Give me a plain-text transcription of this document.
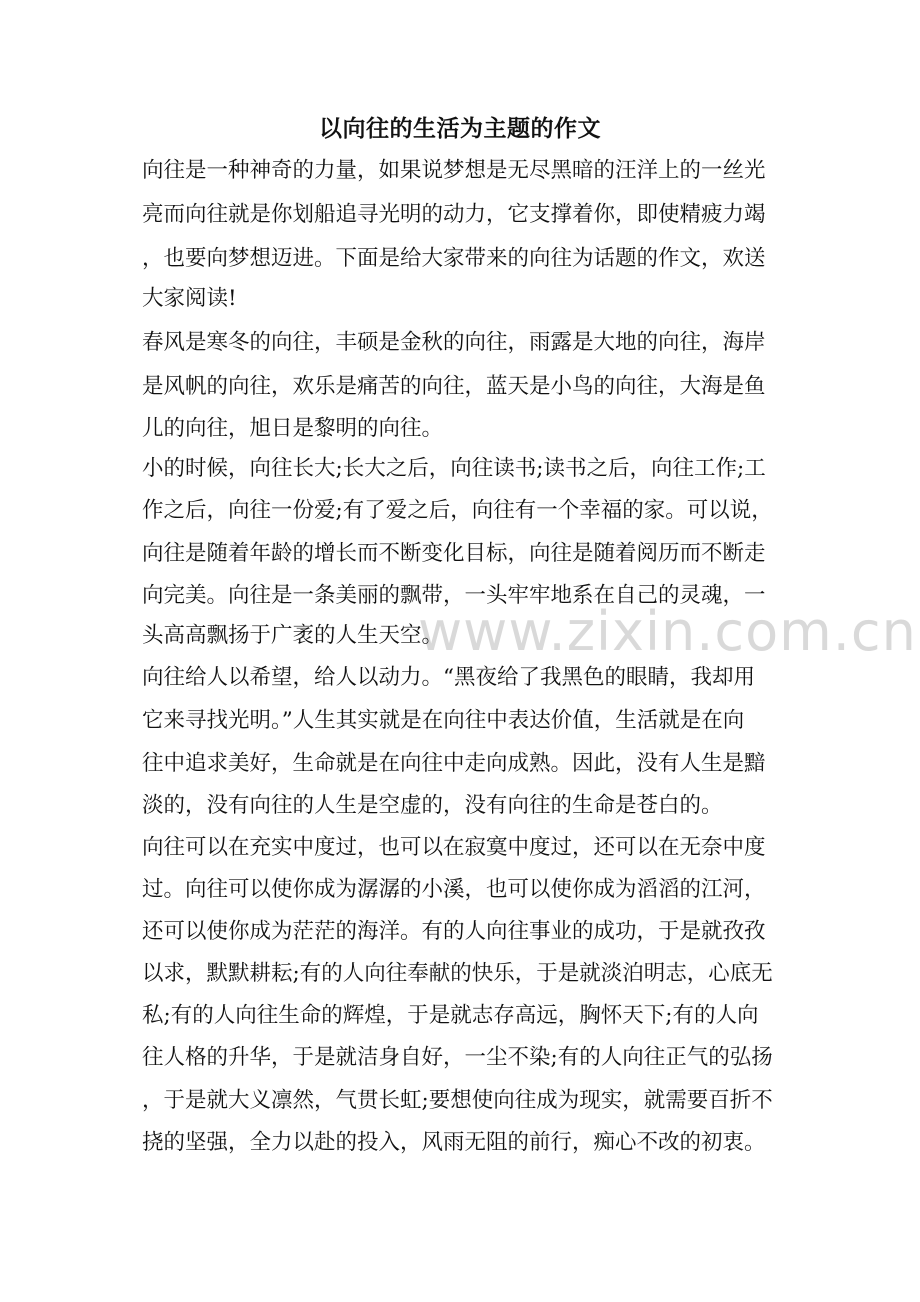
以向往的生活为主题的作文
www.zixin.com.cn
向往是一种神奇的力量，如果说梦想是无尽黑暗的汪洋上的一丝光
亮而向往就是你划船追寻光明的动力，它支撑着你，即使精疲力竭
，也要向梦想迈进。下面是给大家带来的向往为话题的作文，欢送
大家阅读!
春风是寒冬的向往，丰硕是金秋的向往，雨露是大地的向往，海岸
是风帆的向往，欢乐是痛苦的向往，蓝天是小鸟的向往，大海是鱼
儿的向往，旭日是黎明的向往。
小的时候，向往长大;长大之后，向往读书;读书之后，向往工作;工
作之后，向往一份爱;有了爱之后，向往有一个幸福的家。可以说，
向往是随着年龄的增长而不断变化目标，向往是随着阅历而不断走
向完美。向往是一条美丽的飘带，一头牢牢地系在自己的灵魂，一
头高高飘扬于广袤的人生天空。
向往给人以希望，给人以动力。“黑夜给了我黑色的眼睛，我却用
它来寻找光明。”人生其实就是在向往中表达价值，生活就是在向
往中追求美好，生命就是在向往中走向成熟。因此，没有人生是黯
淡的，没有向往的人生是空虚的，没有向往的生命是苍白的。
向往可以在充实中度过，也可以在寂寞中度过，还可以在无奈中度
过。向往可以使你成为潺潺的小溪，也可以使你成为滔滔的江河，
还可以使你成为茫茫的海洋。有的人向往事业的成功，于是就孜孜
以求，默默耕耘;有的人向往奉献的快乐，于是就淡泊明志，心底无
私;有的人向往生命的辉煌，于是就志存高远，胸怀天下;有的人向
往人格的升华，于是就洁身自好，一尘不染;有的人向往正气的弘扬
，于是就大义凛然，气贯长虹;要想使向往成为现实，就需要百折不
挠的坚强，全力以赴的投入，风雨无阻的前行，痴心不改的初衷。
